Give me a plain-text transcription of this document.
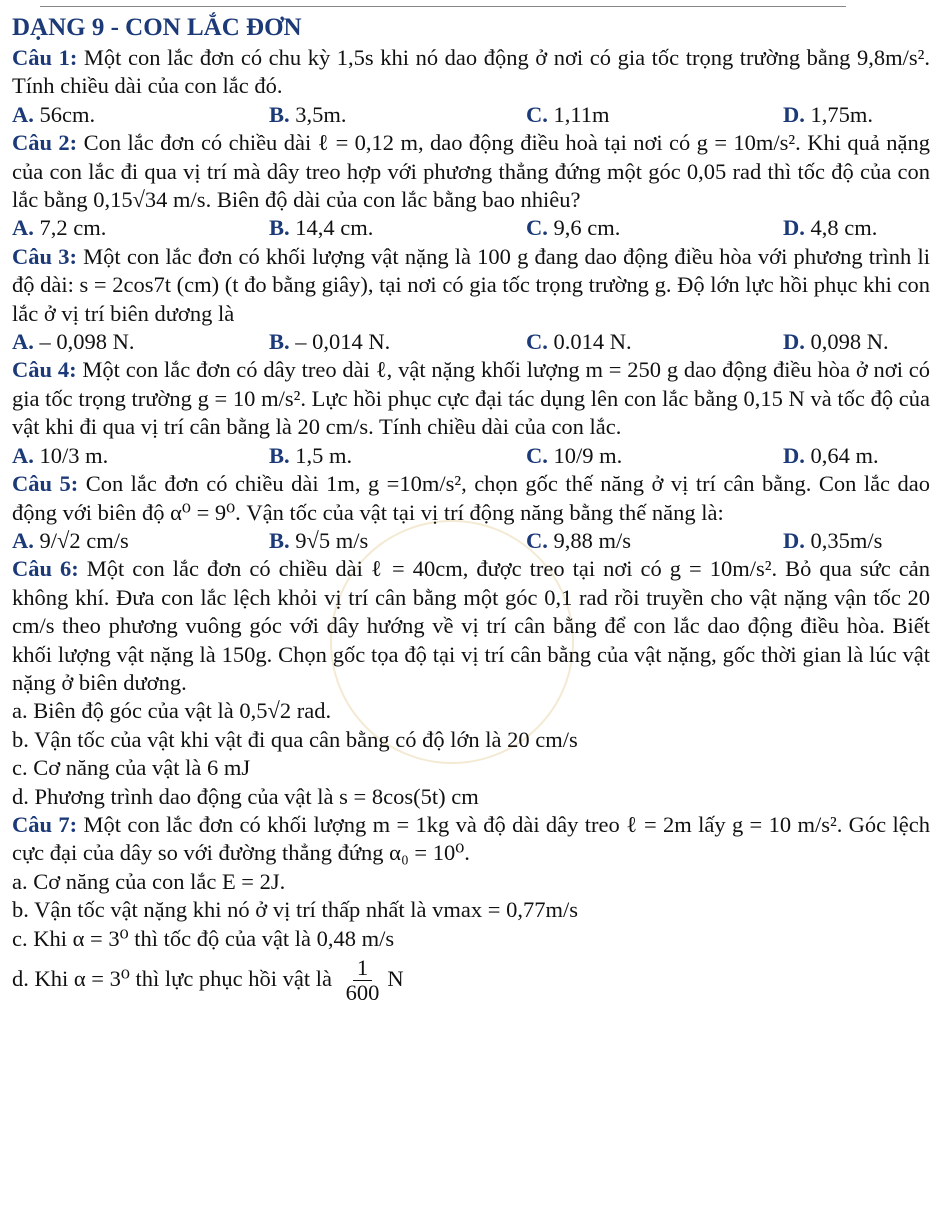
DẠNG 9 - CON LẮC ĐƠN

Câu 1: Một con lắc đơn có chu kỳ 1,5s khi nó dao động ở nơi có gia tốc trọng trường bằng 9,8m/s². Tính chiều dài của con lắc đó.

A. 56cm.	B. 3,5m.	C. 1,11m	D. 1,75m.

Câu 2: Con lắc đơn có chiều dài ℓ = 0,12 m, dao động điều hoà tại nơi có g = 10m/s². Khi quả nặng của con lắc đi qua vị trí mà dây treo hợp với phương thẳng đứng một góc 0,05 rad thì tốc độ của con lắc bằng 0,15√34 m/s. Biên độ dài của con lắc bằng bao nhiêu?

A. 7,2 cm.	B. 14,4 cm.	C. 9,6 cm.	D. 4,8 cm.

Câu 3: Một con lắc đơn có khối lượng vật nặng là 100 g đang dao động điều hòa với phương trình li độ dài: s = 2cos7t (cm) (t đo bằng giây), tại nơi có gia tốc trọng trường g. Độ lớn lực hồi phục khi con lắc ở vị trí biên dương là

A. – 0,098 N.	B. – 0,014 N.	C. 0.014 N.	D. 0,098 N.

Câu 4: Một con lắc đơn có dây treo dài ℓ, vật nặng khối lượng m = 250 g dao động điều hòa ở nơi có gia tốc trọng trường g = 10 m/s². Lực hồi phục cực đại tác dụng lên con lắc bằng 0,15 N và tốc độ của vật khi đi qua vị trí cân bằng là 20 cm/s. Tính chiều dài của con lắc.

A. 10/3 m.	B. 1,5 m.	C. 10/9 m.	D. 0,64 m.

Câu 5: Con lắc đơn có chiều dài 1m, g =10m/s², chọn gốc thế năng ở vị trí cân bằng. Con lắc dao động với biên độ α⁰ = 9⁰. Vận tốc của vật tại vị trí động năng bằng thế năng là:

A. 9/√2 cm/s	B. 9√5 m/s	C. 9,88 m/s	D. 0,35m/s

Câu 6: Một con lắc đơn có chiều dài ℓ = 40cm, được treo tại nơi có g = 10m/s². Bỏ qua sức cản không khí. Đưa con lắc lệch khỏi vị trí cân bằng một góc 0,1 rad rồi truyền cho vật nặng vận tốc 20 cm/s theo phương vuông góc với dây hướng về vị trí cân bằng để con lắc dao động điều hòa. Biết khối lượng vật nặng là 150g. Chọn gốc tọa độ tại vị trí cân bằng của vật nặng, gốc thời gian là lúc vật nặng ở biên dương.

a. Biên độ góc của vật là 0,5√2 rad.

b. Vận tốc của vật khi vật đi qua cân bằng có độ lớn là 20 cm/s

c. Cơ năng của vật là 6 mJ

d. Phương trình dao động của vật là s = 8cos(5t) cm

Câu 7: Một con lắc đơn có khối lượng m = 1kg và độ dài dây treo ℓ = 2m lấy g = 10 m/s². Góc lệch cực đại của dây so với đường thẳng đứng α₀ = 10⁰.

a. Cơ năng của con lắc E = 2J.

b. Vận tốc vật nặng khi nó ở vị trí thấp nhất là vmax = 0,77m/s

c. Khi α = 3⁰ thì tốc độ của vật là 0,48 m/s

d. Khi α = 3⁰ thì lực phục hồi vật là $\frac{1}{600}$ N
